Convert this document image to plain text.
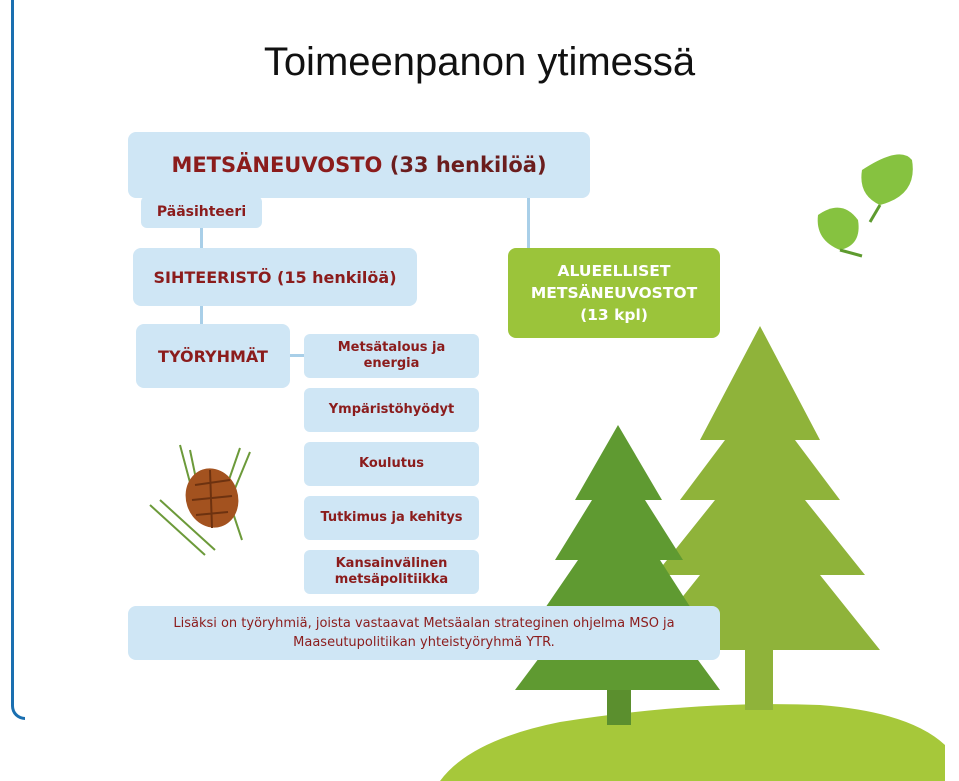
Toimeenpanon ytimessä
METSÄNEUVOSTO
(33 henkilöä)
Pääsihteeri
SIHTEERISTÖ (15 henkilöä)
TYÖRYHMÄT	Metsätalous ja
energia
Ympäristöhyödyt
Koulutus
Tutkimus ja kehitys
Kansainvälinen
metsäpolitiikka
ALUEELLISET
METSÄNEUVOSTOT
(13 kpl)
Lisäksi on työryhmiä, joista vastaavat Metsäalan strateginen ohjelma MSO ja
Maaseutupolitiikan yhteistyöryhmä YTR.
